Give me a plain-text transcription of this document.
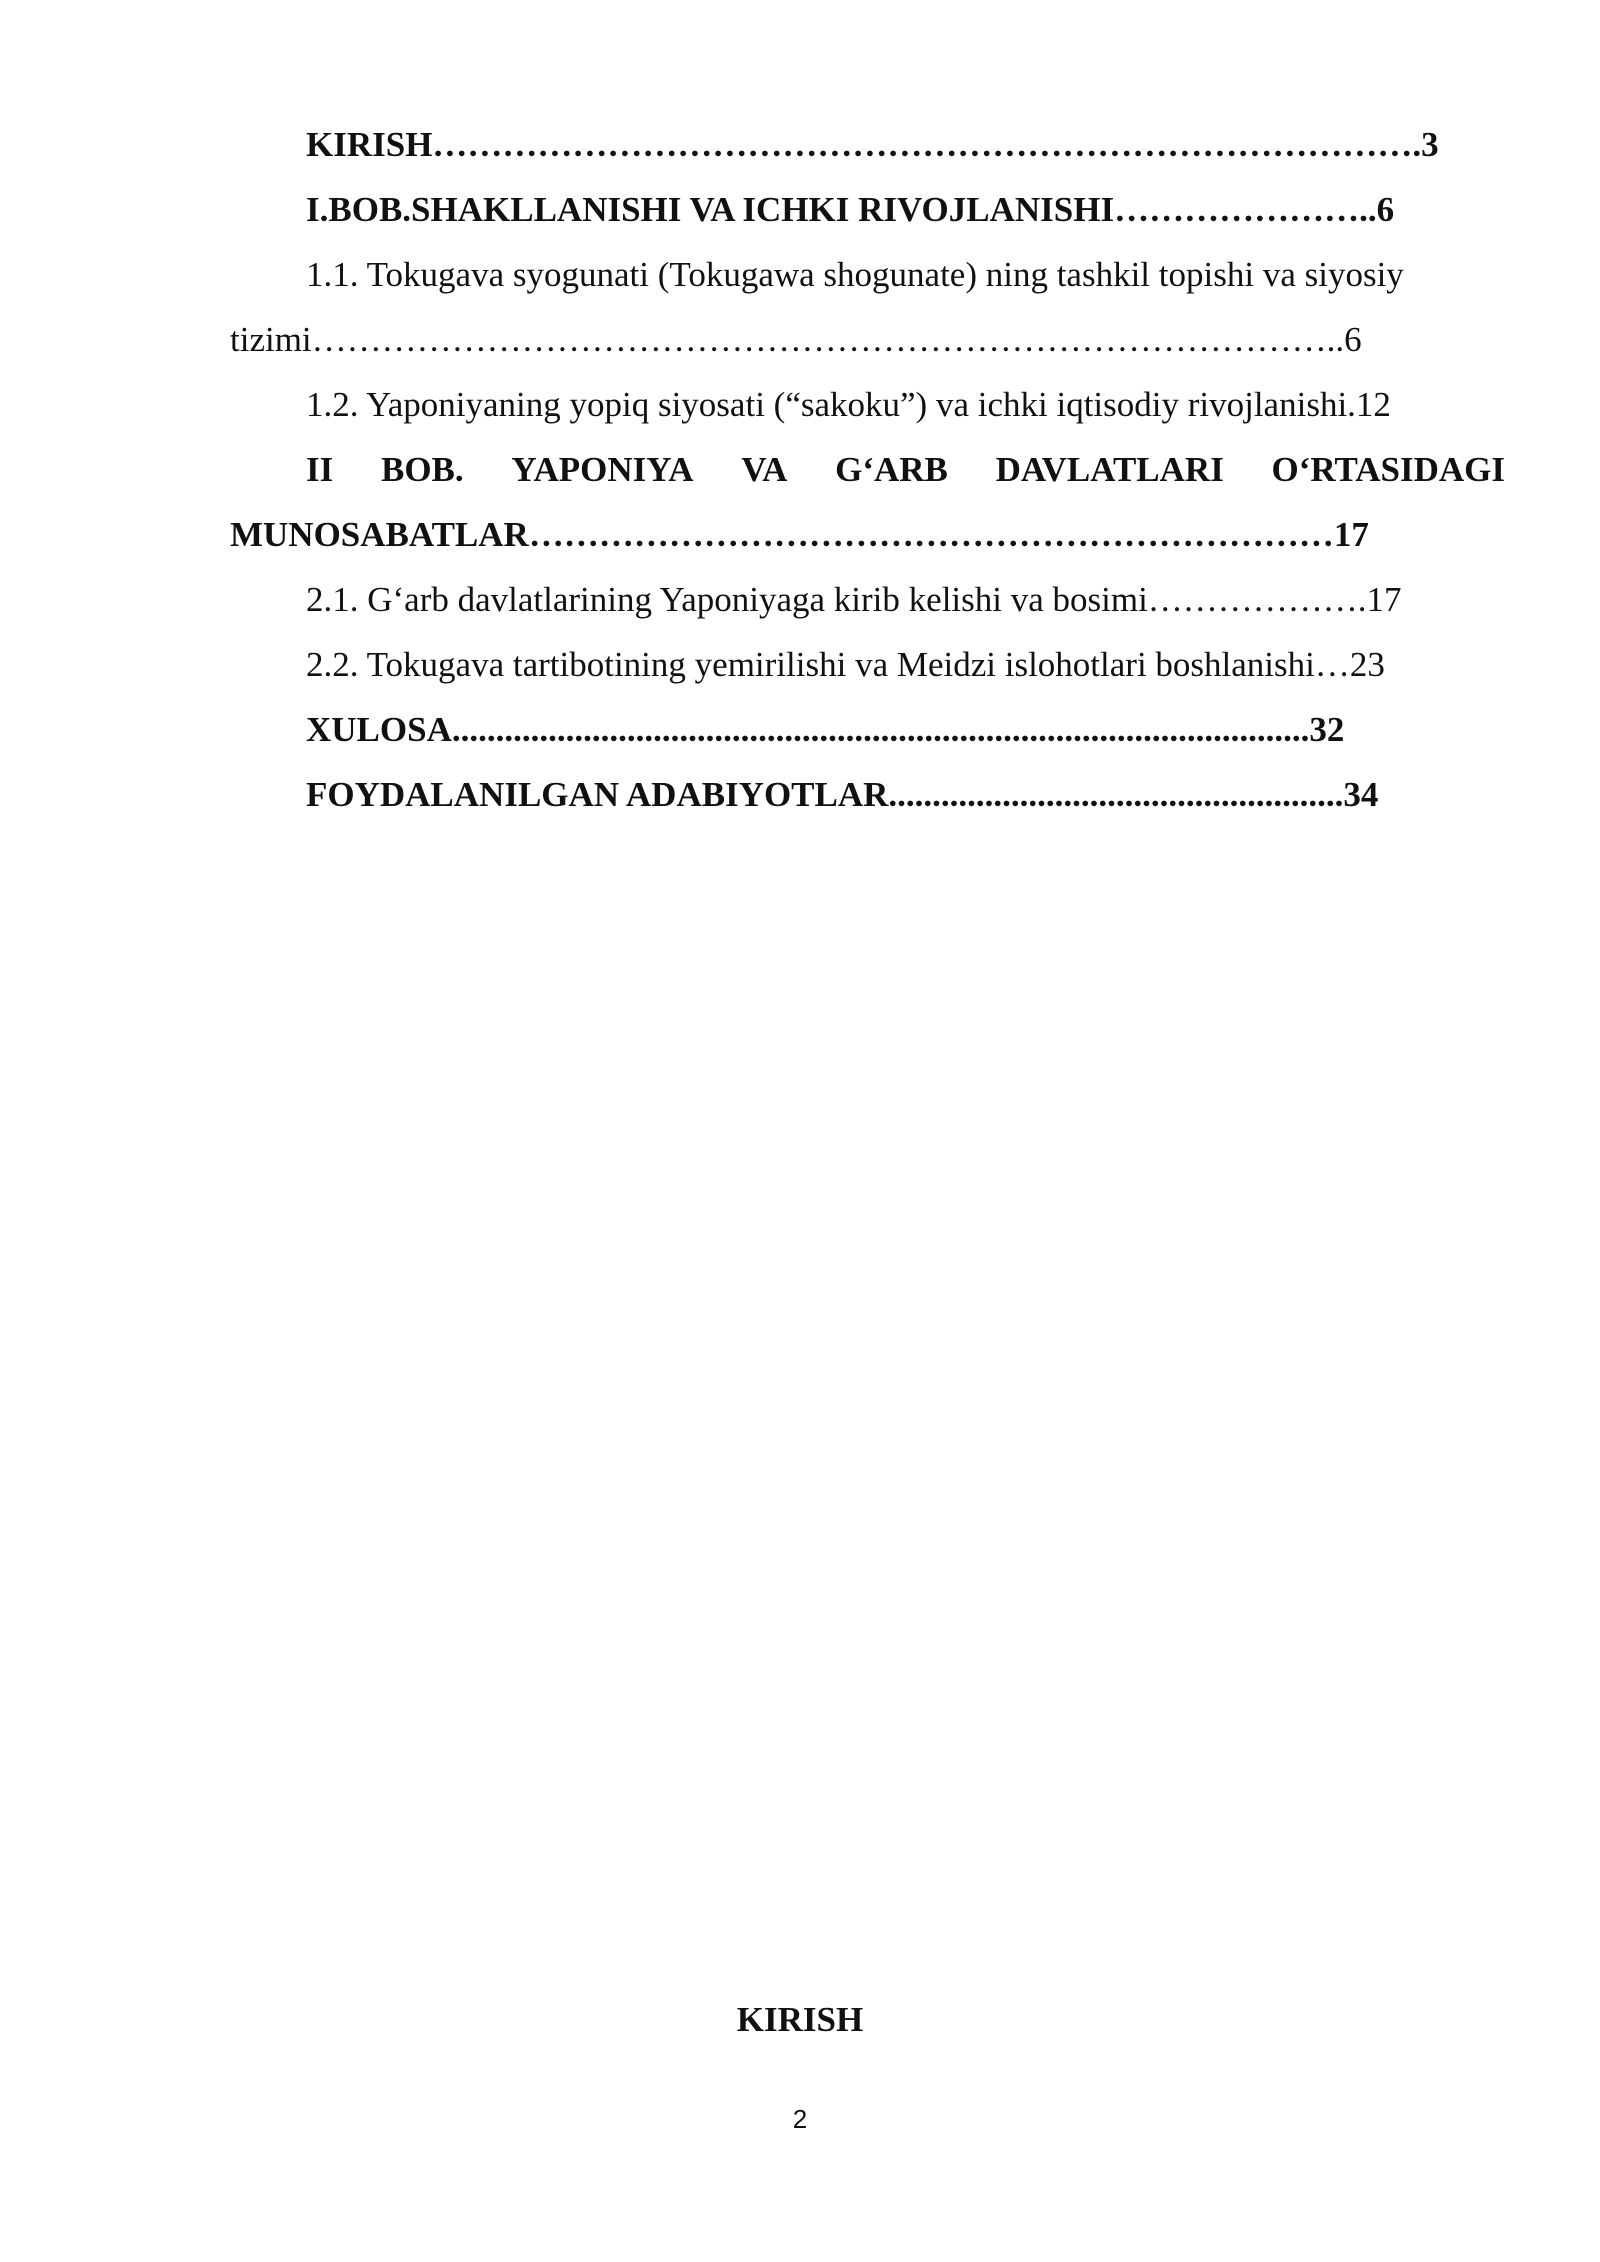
KIRISH………………………………………………………………………….3
I.BOB.SHAKLLANISHI VA ICHKI RIVOJLANISHI…………………..6
1.1. Tokugava syogunati (Tokugawa shogunate) ning tashkil topishi va siyosiy
tizimi……………………………………………………………………………..6
1.2. Yaponiyaning yopiq siyosati (“sakoku”) va ichki iqtisodiy rivojlanishi.12
II BOB. YAPONIYA VA G‘ARB DAVLATLARI O‘RTASIDAGI
MUNOSABATLAR……………………………………………………………17
2.1. G‘arb davlatlarining Yaponiyaga kirib kelishi va bosimi……………….17
2.2. Tokugava tartibotining yemirilishi va Meidzi islohotlari boshlanishi…23
XULOSA..................................................................................................32
FOYDALANILGAN ADABIYOTLAR....................................................34
KIRISH
2
